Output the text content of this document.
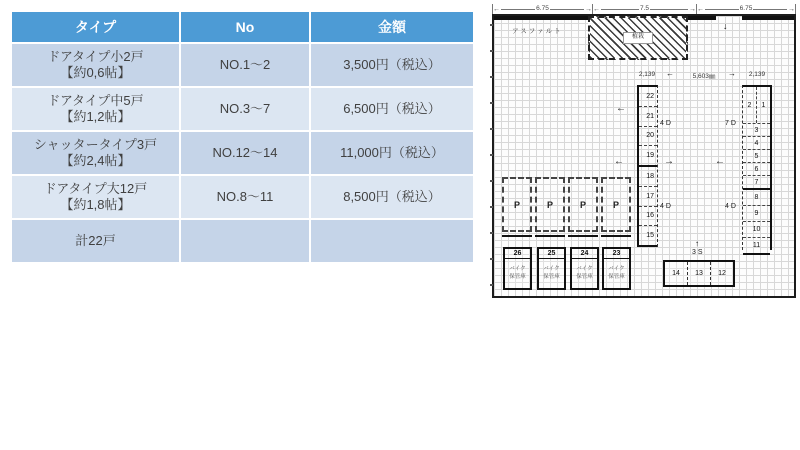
タイプ	No	金額

ドアタイプ小2戸
【約0,6帖】	NO.1～2	3,500円（税込）

ドアタイプ中5戸
【約1,2帖】	NO.3～7	6,500円（税込）

シャッタータイプ3戸
【約2,4帖】	NO.12～14	11,000円（税込）

ドアタイプ大12戸
【約1,8帖】	NO.8～11	8,500円（税込）
計22戸		
←	6.75	→ ←	7.5	→ ←	6.75	→
植栽
アスファルト
↓
2,139	←	5,603㎜	→	2,139
22
21
20
19
18
17
16
15
2	1
3
4
5
6
7
8
9
10
11
4 D
4 D
7 D
4 D
←
←	→	←
↑
3 S
14	13	12
P	P	P	P
26
バイク
保管庫
25
バイク
保管庫
24
バイク
保管庫
23
バイク
保管庫
